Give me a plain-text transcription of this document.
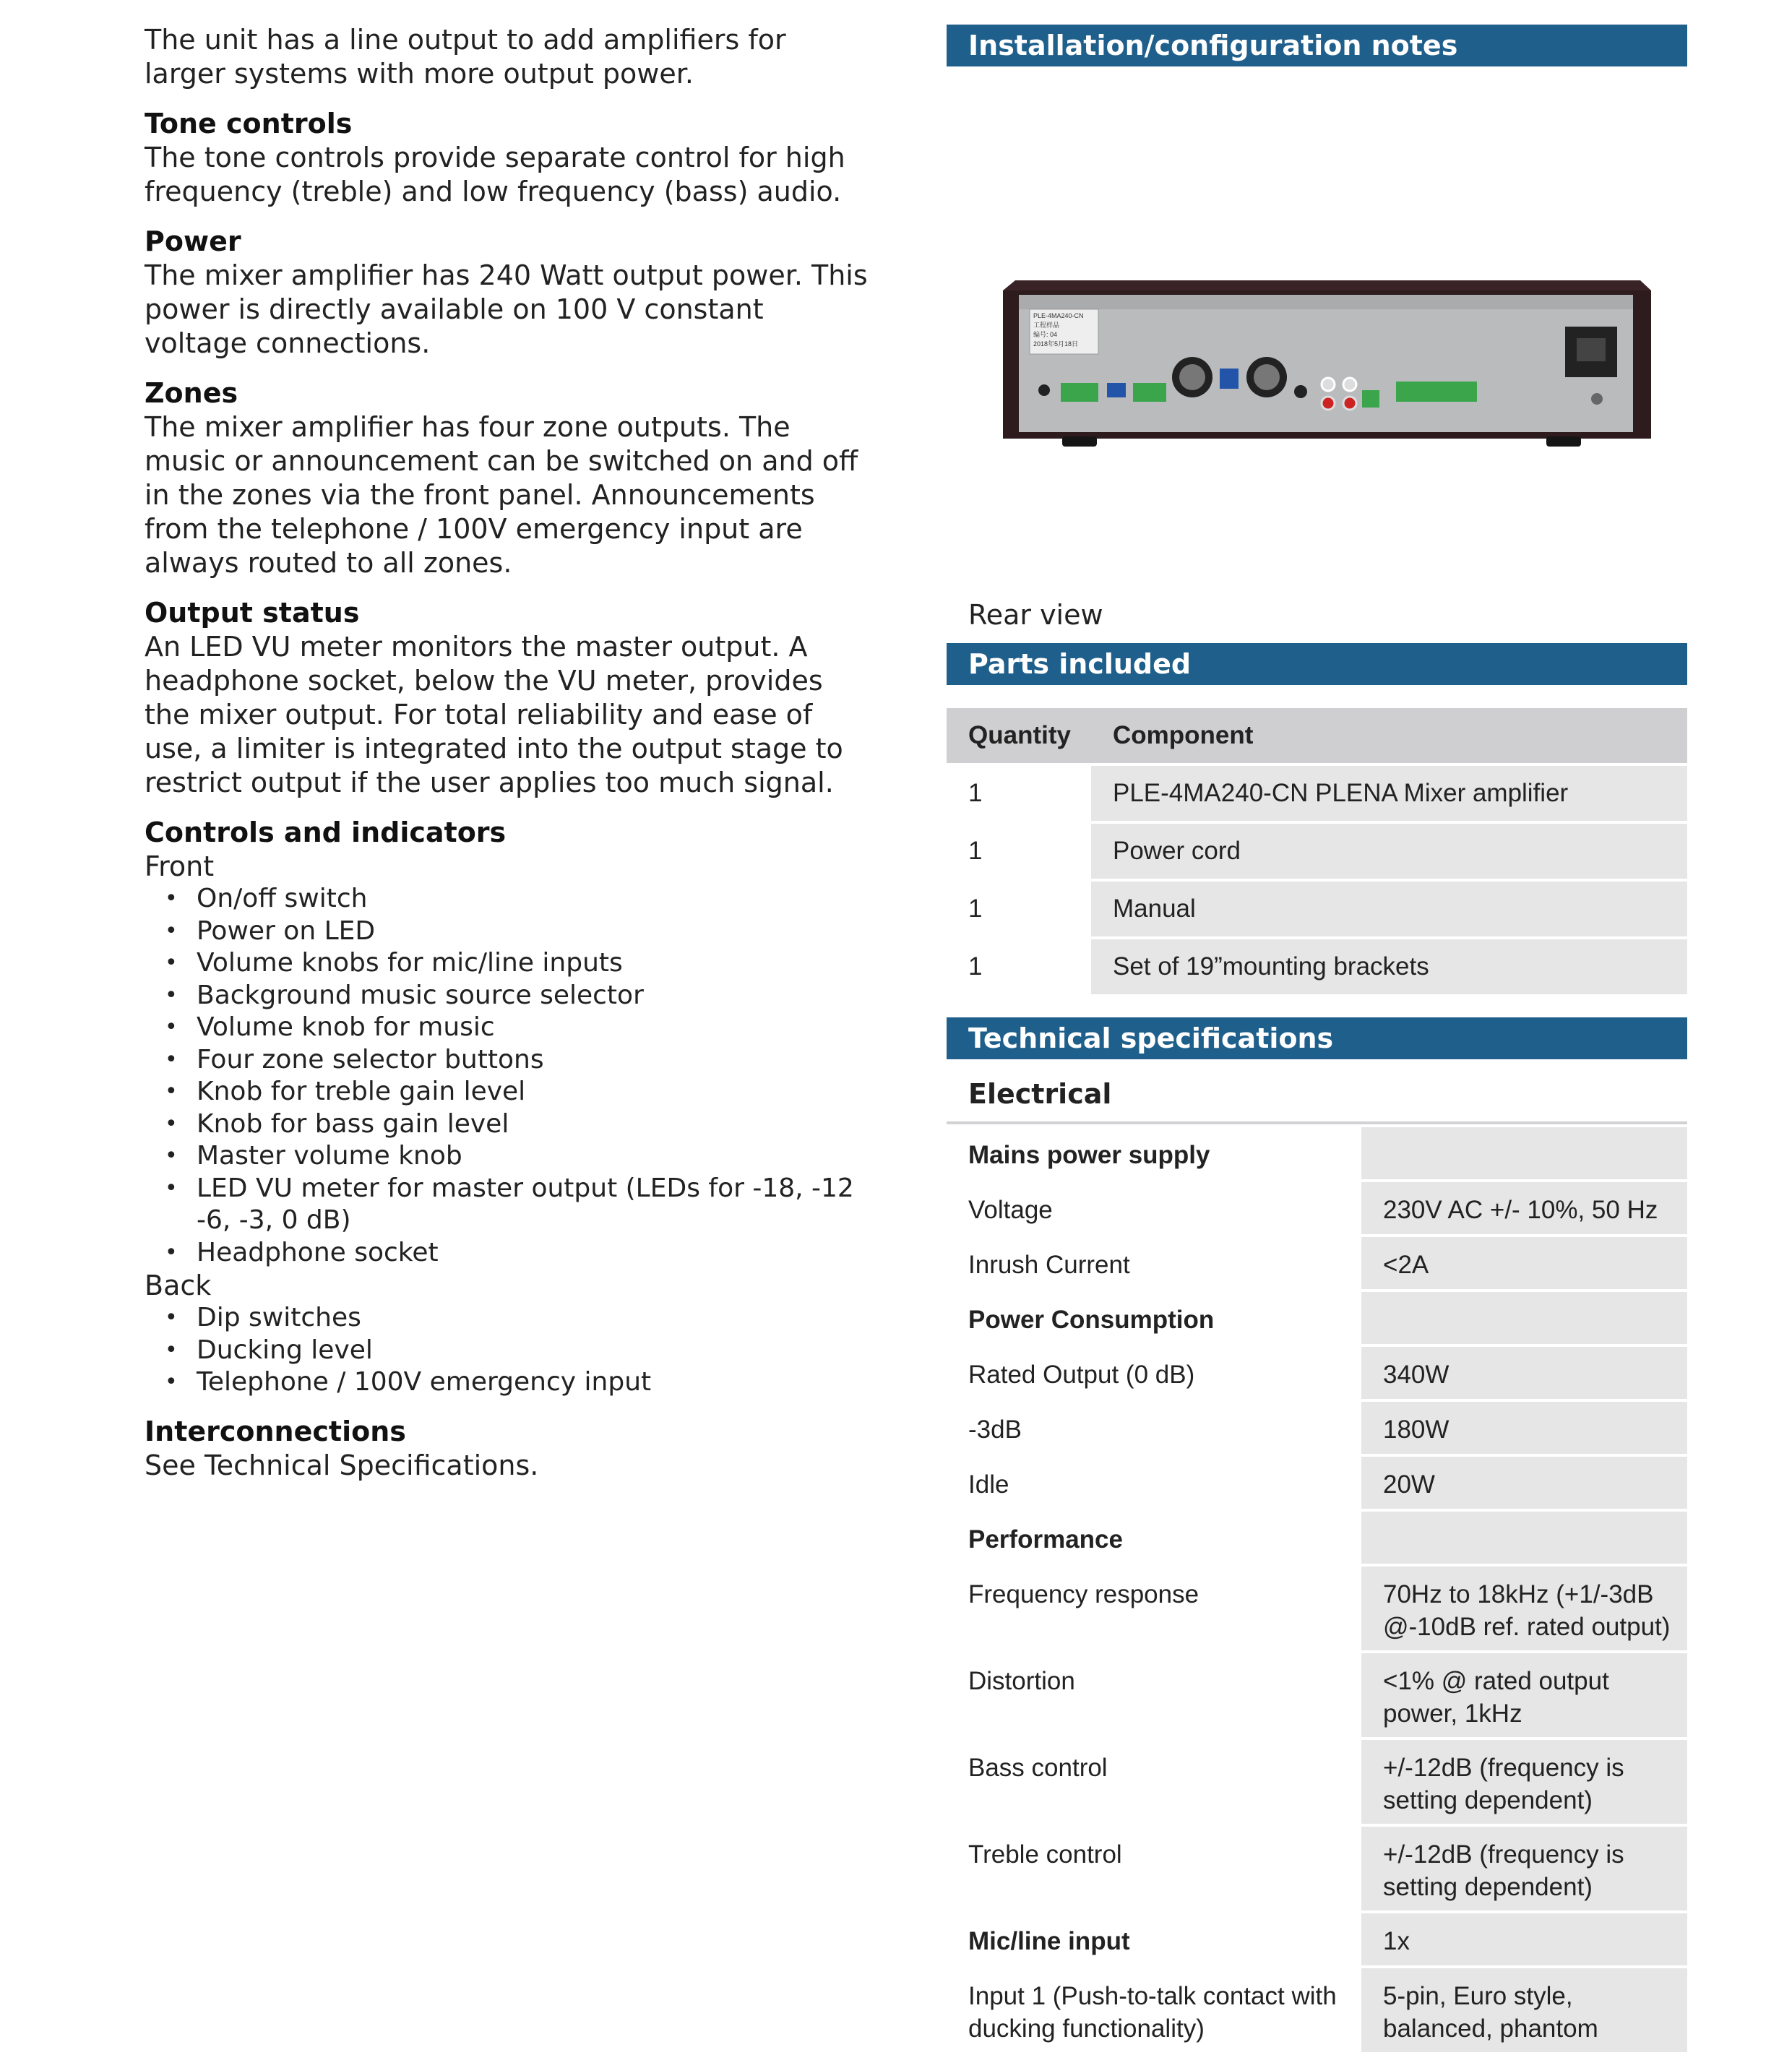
The unit has a line output to add amplifiers for larger systems with more output power.

Tone controls
The tone controls provide separate control for high frequency (treble) and low frequency (bass) audio.
Power
The mixer amplifier has 240 Watt output power. This power is directly available on 100 V constant voltage connections.
Zones
The mixer amplifier has four zone outputs. The music or announcement can be switched on and off in the zones via the front panel. Announcements from the telephone / 100V emergency input are always routed to all zones.
Output status
An LED VU meter monitors the master output. A headphone socket, below the VU meter, provides the mixer output. For total reliability and ease of use, a limiter is integrated into the output stage to restrict output if the user applies too much signal.
Controls and indicators
Front
• On/off switch
• Power on LED
• Volume knobs for mic/line inputs
• Background music source selector
• Volume knob for music
• Four zone selector buttons
• Knob for treble gain level
• Knob for bass gain level
• Master volume knob
• LED VU meter for master output (LEDs for -18, -12 -6, -3, 0 dB)
• Headphone socket
Back
• Dip switches
• Ducking level
• Telephone / 100V emergency input
Interconnections
See Technical Specifications.
Installation/configuration notes
PLE-4MA240-CN
工程样品
编号: 04
2018年5月18日
Rear view
Parts included
Quantity	Component
1	PLE-4MA240-CN PLENA Mixer amplifier
1	Power cord
1	Manual
1	Set of 19”mounting brackets
Technical specifications
Electrical	
Mains power supply	
Voltage	230V AC +/- 10%, 50 Hz
Inrush Current	<2A
Power Consumption	
Rated Output (0 dB)	340W
-3dB	180W
Idle	20W
Performance	
Frequency response	70Hz to 18kHz (+1/-3dB @-10dB ref. rated output)
Distortion	<1% @ rated output power, 1kHz
Bass control	+/-12dB (frequency is setting dependent)
Treble control	+/-12dB (frequency is setting dependent)
Mic/line input	1x
Input 1 (Push-to-talk contact with ducking functionality)	5-pin, Euro style, balanced, phantom
